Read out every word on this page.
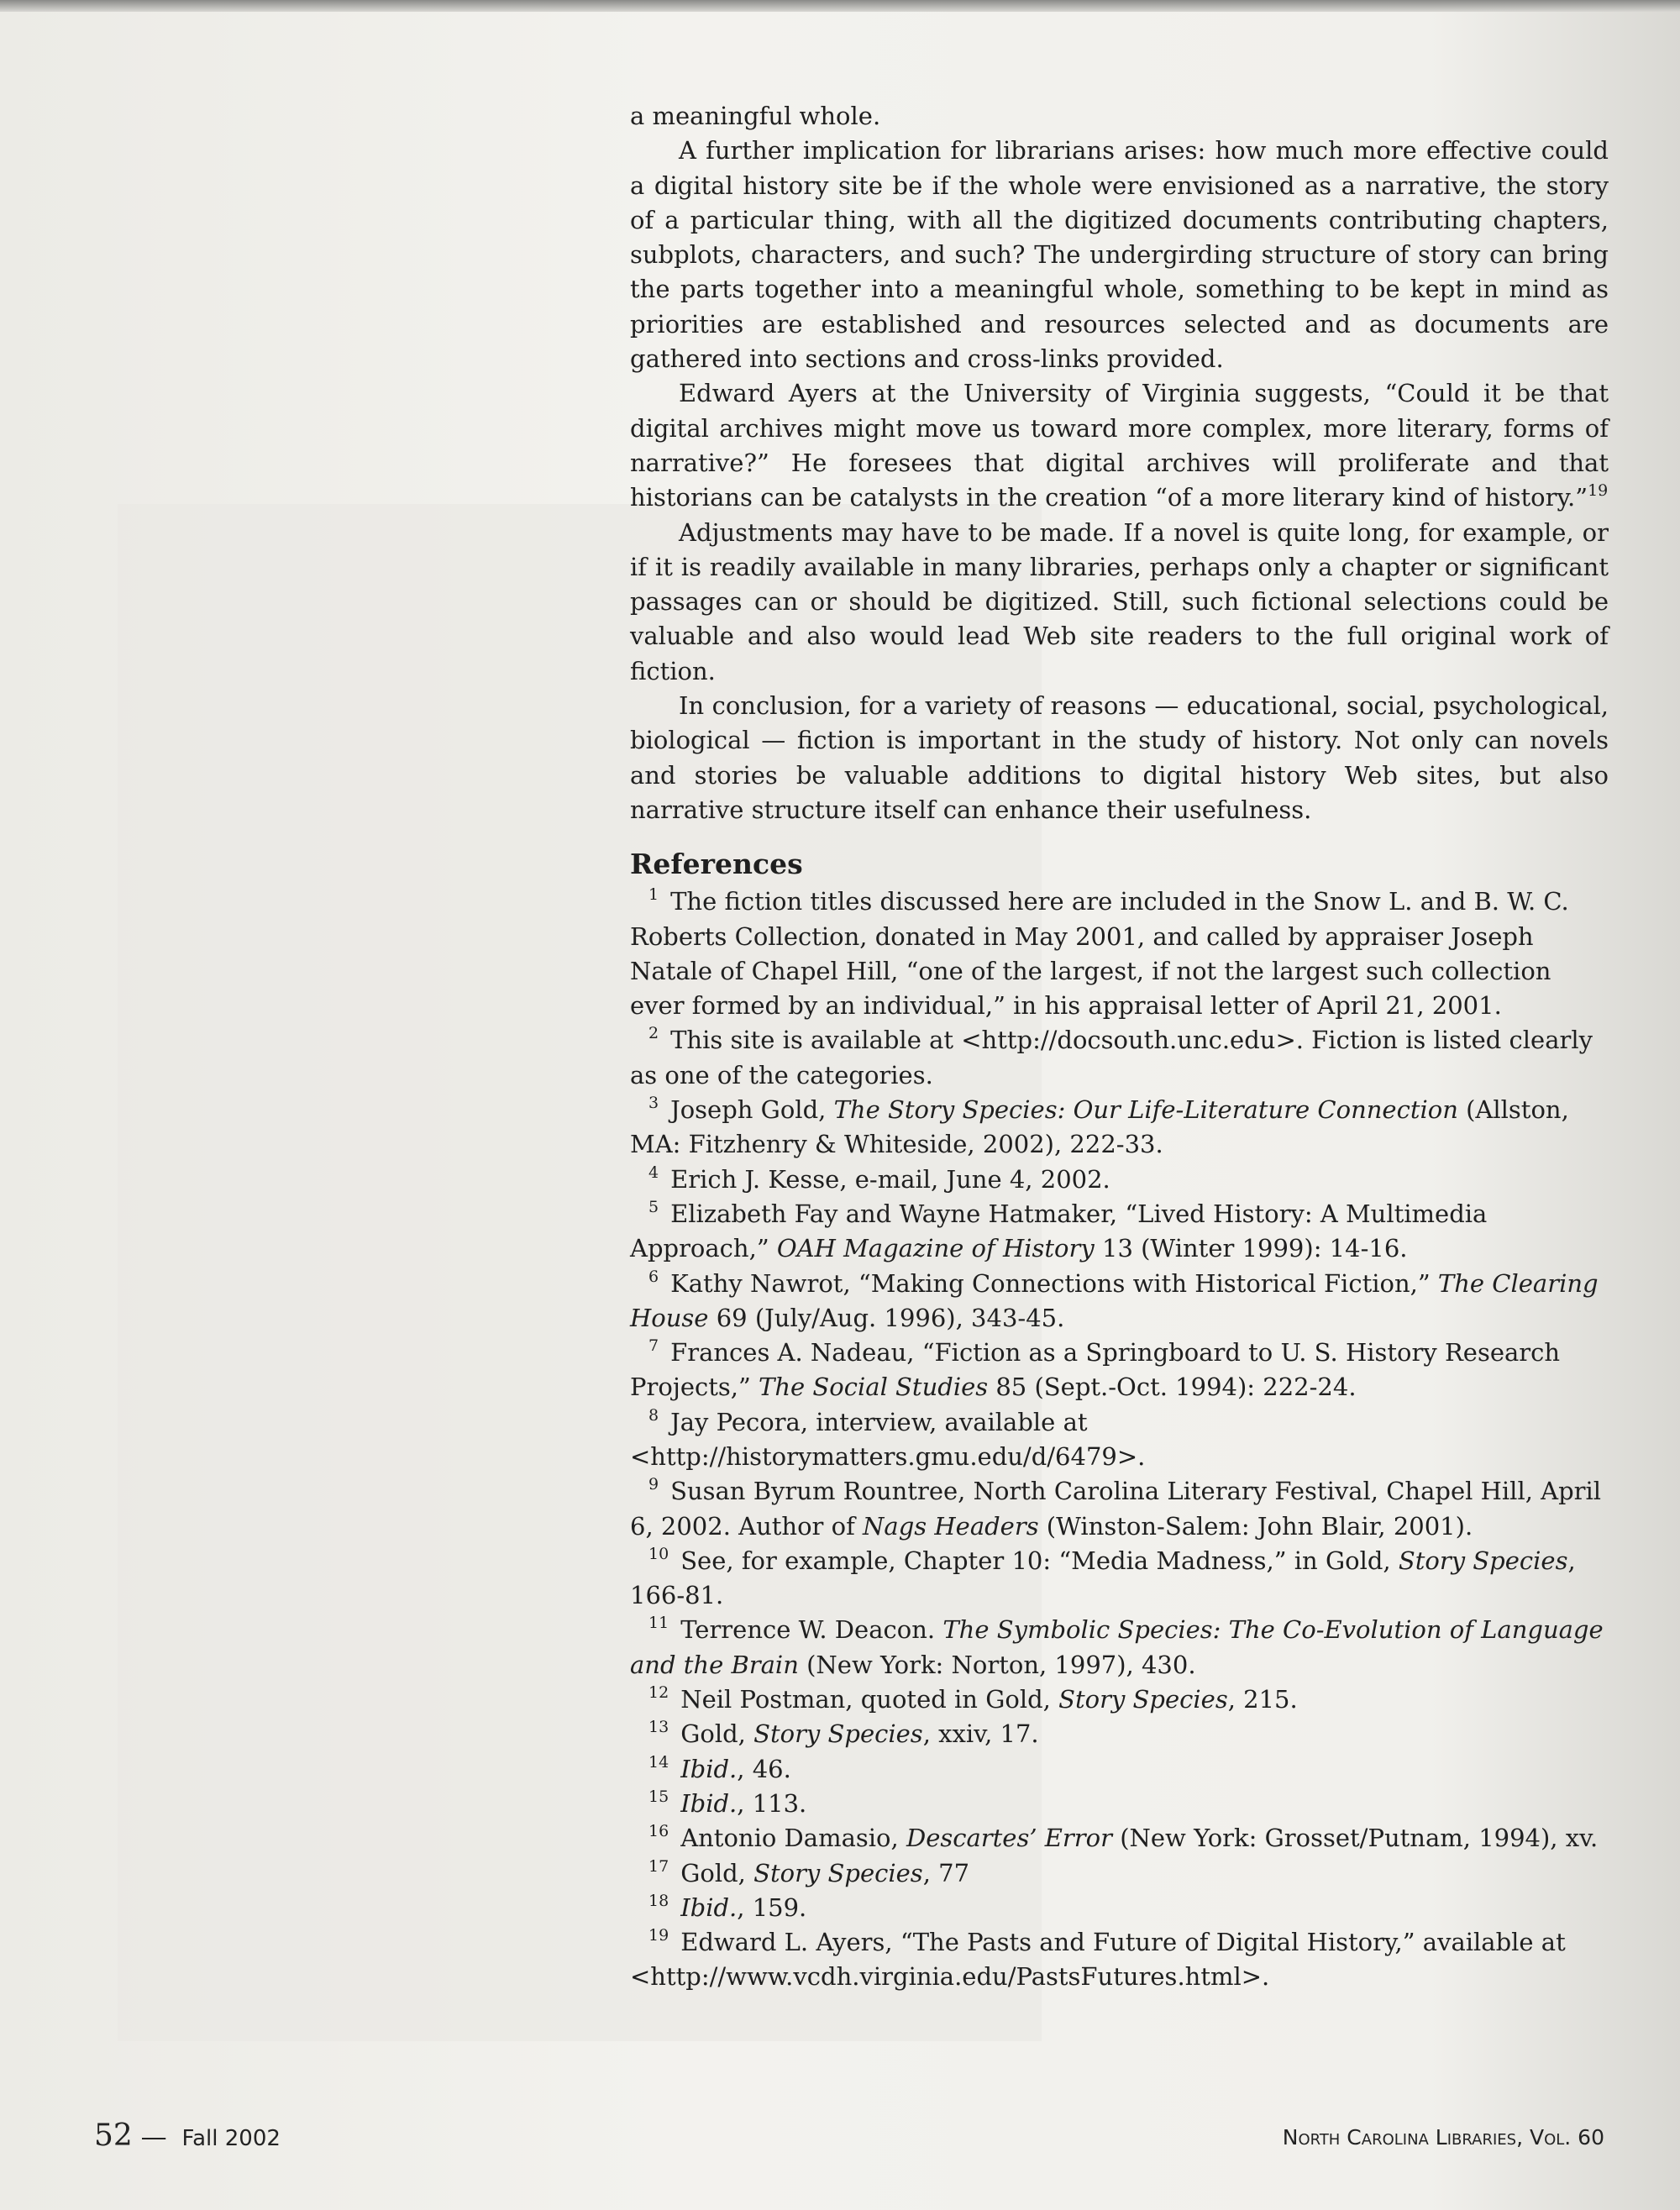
a meaningful whole.

A further implication for librarians arises: how much more effective could a digital history site be if the whole were envisioned as a narrative, the story of a particular thing, with all the digitized documents contributing chapters, subplots, characters, and such? The undergirding structure of story can bring the parts together into a meaningful whole, something to be kept in mind as priorities are established and resources selected and as documents are gathered into sections and cross-links provided.

Edward Ayers at the University of Virginia suggests, “Could it be that digital archives might move us toward more complex, more literary, forms of narrative?” He foresees that digital archives will proliferate and that historians can be catalysts in the creation “of a more literary kind of history.”$^{19}$

Adjustments may have to be made. If a novel is quite long, for example, or if it is readily available in many libraries, perhaps only a chapter or significant passages can or should be digitized. Still, such fictional selections could be valuable and also would lead Web site readers to the full original work of fiction.

In conclusion, for a variety of reasons — educational, social, psychological, biological — fiction is important in the study of history. Not only can novels and stories be valuable additions to digital history Web sites, but also narrative structure itself can enhance their usefulness.

References

$^1$ The fiction titles discussed here are included in the Snow L. and B. W. C. Roberts Collection, donated in May 2001, and called by appraiser Joseph Natale of Chapel Hill, “one of the largest, if not the largest such collection ever formed by an individual,” in his appraisal letter of April 21, 2001.

$^2$ This site is available at <http://docsouth.unc.edu>. Fiction is listed clearly as one of the categories.

$^3$ Joseph Gold, The Story Species: Our Life-Literature Connection (Allston, MA: Fitzhenry & Whiteside, 2002), 222-33.

$^4$ Erich J. Kesse, e-mail, June 4, 2002.

$^5$ Elizabeth Fay and Wayne Hatmaker, “Lived History: A Multimedia Approach,” OAH Magazine of History 13 (Winter 1999): 14-16.

$^6$ Kathy Nawrot, “Making Connections with Historical Fiction,” The Clearing House 69 (July/Aug. 1996), 343-45.

$^7$ Frances A. Nadeau, “Fiction as a Springboard to U. S. History Research Projects,” The Social Studies 85 (Sept.-Oct. 1994): 222-24.

$^8$ Jay Pecora, interview, available at <http://historymatters.gmu.edu/d/6479>.

$^9$ Susan Byrum Rountree, North Carolina Literary Festival, Chapel Hill, April 6, 2002. Author of Nags Headers (Winston-Salem: John Blair, 2001).

$^{10}$ See, for example, Chapter 10: “Media Madness,” in Gold, Story Species, 166-81.

$^{11}$ Terrence W. Deacon. The Symbolic Species: The Co-Evolution of Language and the Brain (New York: Norton, 1997), 430.

$^{12}$ Neil Postman, quoted in Gold, Story Species, 215.

$^{13}$ Gold, Story Species, xxiv, 17.

$^{14}$ Ibid., 46.

$^{15}$ Ibid., 113.

$^{16}$ Antonio Damasio, Descartes’ Error (New York: Grosset/Putnam, 1994), xv.

$^{17}$ Gold, Story Species, 77

$^{18}$ Ibid., 159.

$^{19}$ Edward L. Ayers, “The Pasts and Future of Digital History,” available at <http://www.vcdh.virginia.edu/PastsFutures.html>.

52 — Fall 2002	North Carolina Libraries, Vol. 60
